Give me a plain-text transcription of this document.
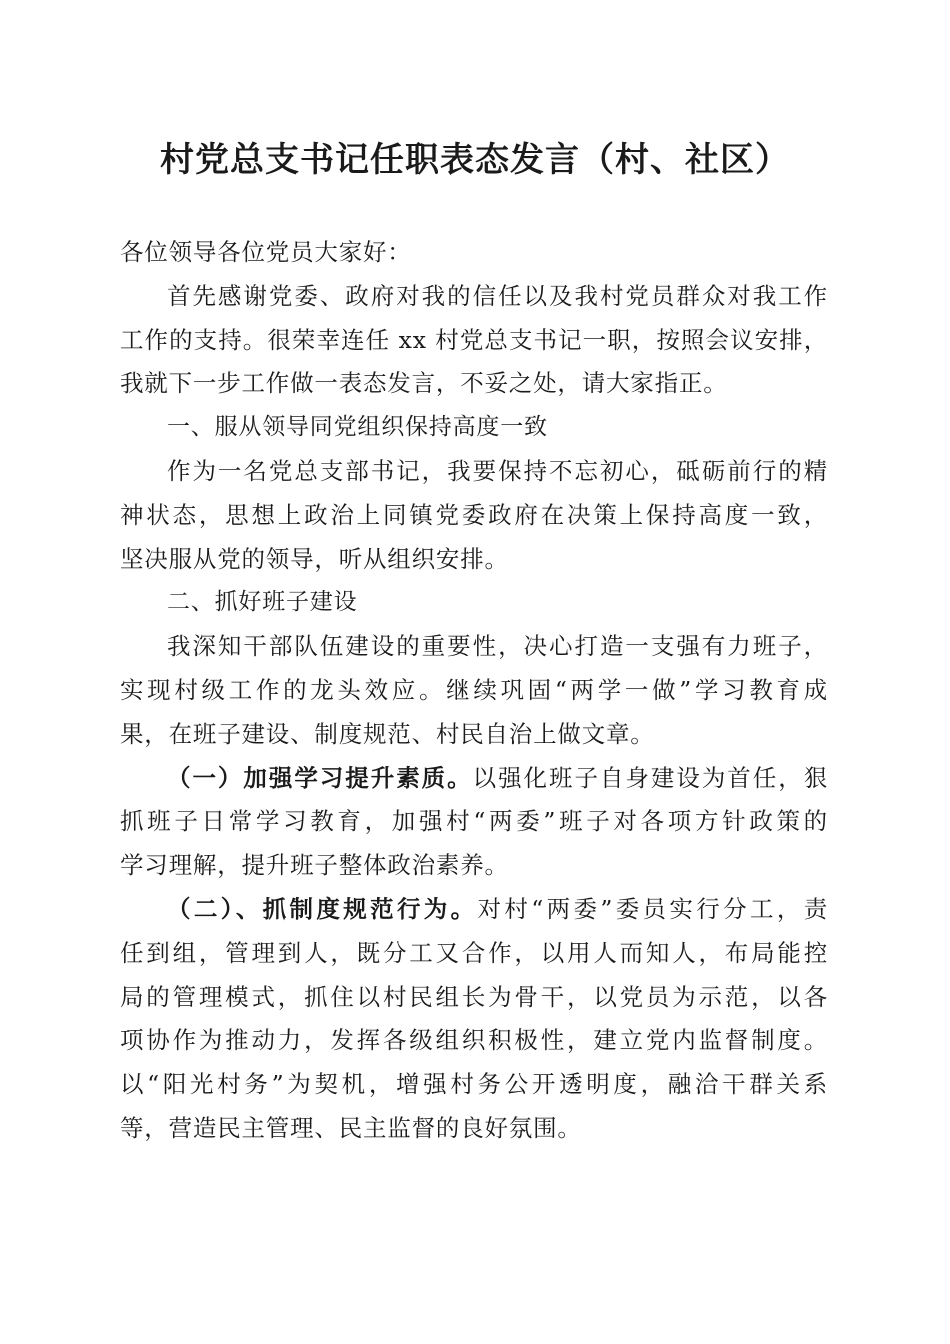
村党总支书记任职表态发言（村、社区）
各位领导各位党员大家好：
首先感谢党委、政府对我的信任以及我村党员群众对我工作
工作的支持。很荣幸连任 xx 村党总支书记一职，按照会议安排，
我就下一步工作做一表态发言，不妥之处，请大家指正。
一、服从领导同党组织保持高度一致
作为一名党总支部书记，我要保持不忘初心，砥砺前行的精
神状态，思想上政治上同镇党委政府在决策上保持高度一致，
坚决服从党的领导，听从组织安排。
二、抓好班子建设
我深知干部队伍建设的重要性，决心打造一支强有力班子，
实现村级工作的龙头效应。继续巩固“两学一做”学习教育成
果，在班子建设、制度规范、村民自治上做文章。
（一）加强学习提升素质。以强化班子自身建设为首任，狠
抓班子日常学习教育，加强村“两委”班子对各项方针政策的
学习理解，提升班子整体政治素养。
（二）、抓制度规范行为。对村“两委”委员实行分工，责
任到组，管理到人，既分工又合作，以用人而知人，布局能控
局的管理模式，抓住以村民组长为骨干，以党员为示范，以各
项协作为推动力，发挥各级组织积极性，建立党内监督制度。
以“阳光村务”为契机，增强村务公开透明度，融洽干群关系
等，营造民主管理、民主监督的良好氛围。
